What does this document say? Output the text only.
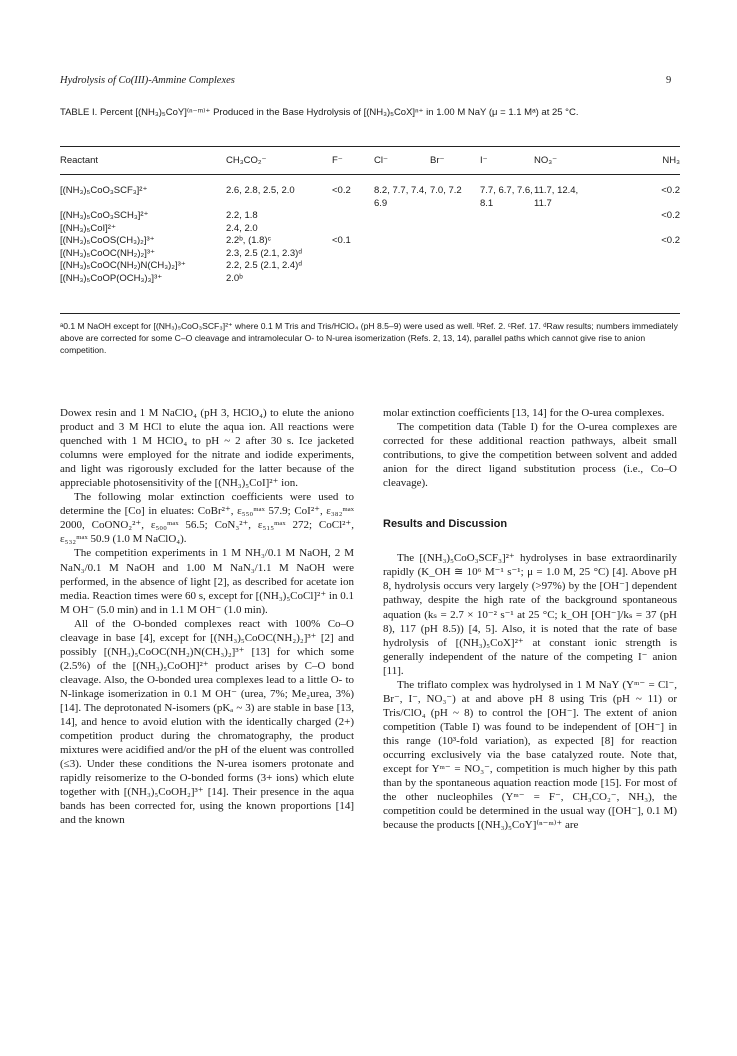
Hydrolysis of Co(III)-Ammine Complexes	9
TABLE I. Percent [(NH₃)₅CoY]⁽ⁿ⁻ᵐ⁾⁺ Produced in the Base Hydrolysis of [(NH₃)₅CoX]ⁿ⁺ in 1.00 M NaY (μ = 1.1 Mᵃ) at 25 °C.
Reactant	CH₃CO₂⁻	F⁻	Cl⁻	Br⁻	I⁻	NO₃⁻	NH₃
[(NH₃)₅CoO₃SCF₃]²⁺	2.6, 2.8, 2.5, 2.0	<0.2	8.2, 7.7, 7.4, 6.9	7.0, 7.2	7.7, 6.7, 7.6, 8.1	11.7, 12.4, 11.7	<0.2
[(NH₃)₅CoO₃SCH₃]²⁺	2.2, 1.8						<0.2
[(NH₃)₅CoI]²⁺	2.4, 2.0						
[(NH₃)₅CoOS(CH₃)₂]³⁺	2.2ᵇ, (1.8)ᶜ	<0.1					<0.2
[(NH₃)₅CoOC(NH₂)₂]³⁺	2.3, 2.5 (2.1, 2.3)ᵈ						
[(NH₃)₅CoOC(NH₂)N(CH₃)₂]³⁺	2.2, 2.5 (2.1, 2.4)ᵈ						
[(NH₃)₅CoOP(OCH₃)₃]³⁺	2.0ᵇ						
ᵃ0.1 M NaOH except for [(NH₃)₅CoO₃SCF₃]²⁺ where 0.1 M Tris and Tris/HClO₄ (pH 8.5–9) were used as well. ᵇRef. 2. ᶜRef. 17. ᵈRaw results; numbers immediately above are corrected for some C–O cleavage and intramolecular O- to N-urea isomerization (Refs. 2, 13, 14), parallel paths which cannot give rise to anion competition.

Dowex resin and 1 M NaClO₄ (pH 3, HClO₄) to elute the aniono product and 3 M HCl to elute the aqua ion. All reactions were quenched with 1 M HClO₄ to pH ~ 2 after 30 s. Ice jacketed columns were employed for the nitrate and iodide experiments, and light was rigorously excluded for the latter because of the appreciable photosensitivity of the [(NH₃)₅CoI]²⁺ ion.

The following molar extinction coefficients were used to determine the [Co] in eluates: CoBr²⁺, ε₅₅₀ᵐᵃˣ 57.9; CoI²⁺, ε₃₈₂ᵐᵃˣ 2000, CoONO₂²⁺, ε₅₀₀ᵐᵃˣ 56.5; CoN₃²⁺, ε₅₁₅ᵐᵃˣ 272; CoCl²⁺, ε₅₃₂ᵐᵃˣ 50.9 (1.0 M NaClO₄).

The competition experiments in 1 M NH₃/0.1 M NaOH, 2 M NaN₃/0.1 M NaOH and 1.00 M NaN₃/1.1 M NaOH were performed, in the absence of light [2], as described for acetate ion media. Reaction times were 60 s, except for [(NH₃)₅CoCl]²⁺ in 0.1 M OH⁻ (5.0 min) and in 1.1 M OH⁻ (1.0 min).

All of the O-bonded complexes react with 100% Co–O cleavage in base [4], except for [(NH₃)₅CoOC(NH₂)₂]³⁺ [2] and possibly [(NH₃)₅CoOC(NH₂)N(CH₃)₂]³⁺ [13] for which some (2.5%) of the [(NH₃)₅CoOH]²⁺ product arises by C–O bond cleavage. Also, the O-bonded urea complexes lead to a little O- to N-linkage isomerization in 0.1 M OH⁻ (urea, 7%; Me₂urea, 3%) [14]. The deprotonated N-isomers (pKₐ ~ 3) are stable in base [13, 14], and hence to avoid elution with the identically charged (2+) competition product during the chromatography, the product mixtures were acidified and/or the pH of the eluent was controlled (≤3). Under these conditions the N-urea isomers protonate and rapidly reisomerize to the O-bonded forms (3+ ions) which elute together with [(NH₃)₅CoOH₂]³⁺ [14]. Their presence in the aqua bands has been corrected for, using the known proportions [14] and the known

molar extinction coefficients [13, 14] for the O-urea complexes.

The competition data (Table I) for the O-urea complexes are corrected for these additional reaction pathways, albeit small contributions, to give the competition between solvent and added anion for the direct ligand substitution process (i.e., Co–O cleavage).

Results and Discussion

The [(NH₃)₅CoO₃SCF₃]²⁺ hydrolyses in base extraordinarily rapidly (K_OH ≅ 10⁶ M⁻¹ s⁻¹; μ = 1.0 M, 25 °C) [4]. Above pH 8, hydrolysis occurs very largely (>97%) by the [OH⁻] dependent pathway, despite the high rate of the background spontaneous aquation (kₛ = 2.7 × 10⁻² s⁻¹ at 25 °C; k_OH [OH⁻]/kₛ = 37 (pH 8), 117 (pH 8.5)) [4, 5]. Also, it is noted that the rate of base hydrolysis of [(NH₃)₅CoX]²⁺ at constant ionic strength is generally independent of the nature of the competing I⁻ anion [11].

The triflato complex was hydrolysed in 1 M NaY (Yᵐ⁻ = Cl⁻, Br⁻, I⁻, NO₃⁻) at and above pH 8 using Tris (pH ~ 11) or Tris/ClO₄ (pH ~ 8) to control the [OH⁻]. The extent of anion competition (Table I) was found to be independent of [OH⁻] in this range (10³-fold variation), as expected [8] for reaction occurring exclusively via the base catalyzed route. Note that, except for Yᵐ⁻ = NO₃⁻, competition is much higher by this path than by the spontaneous aquation reaction mode [15]. For most of the other nucleophiles (Yᵐ⁻ = F⁻, CH₃CO₂⁻, NH₃), the competition could be determined in the usual way ([OH⁻], 0.1 M) because the products [(NH₃)₅CoY]⁽ⁿ⁻ᵐ⁾⁺ are
